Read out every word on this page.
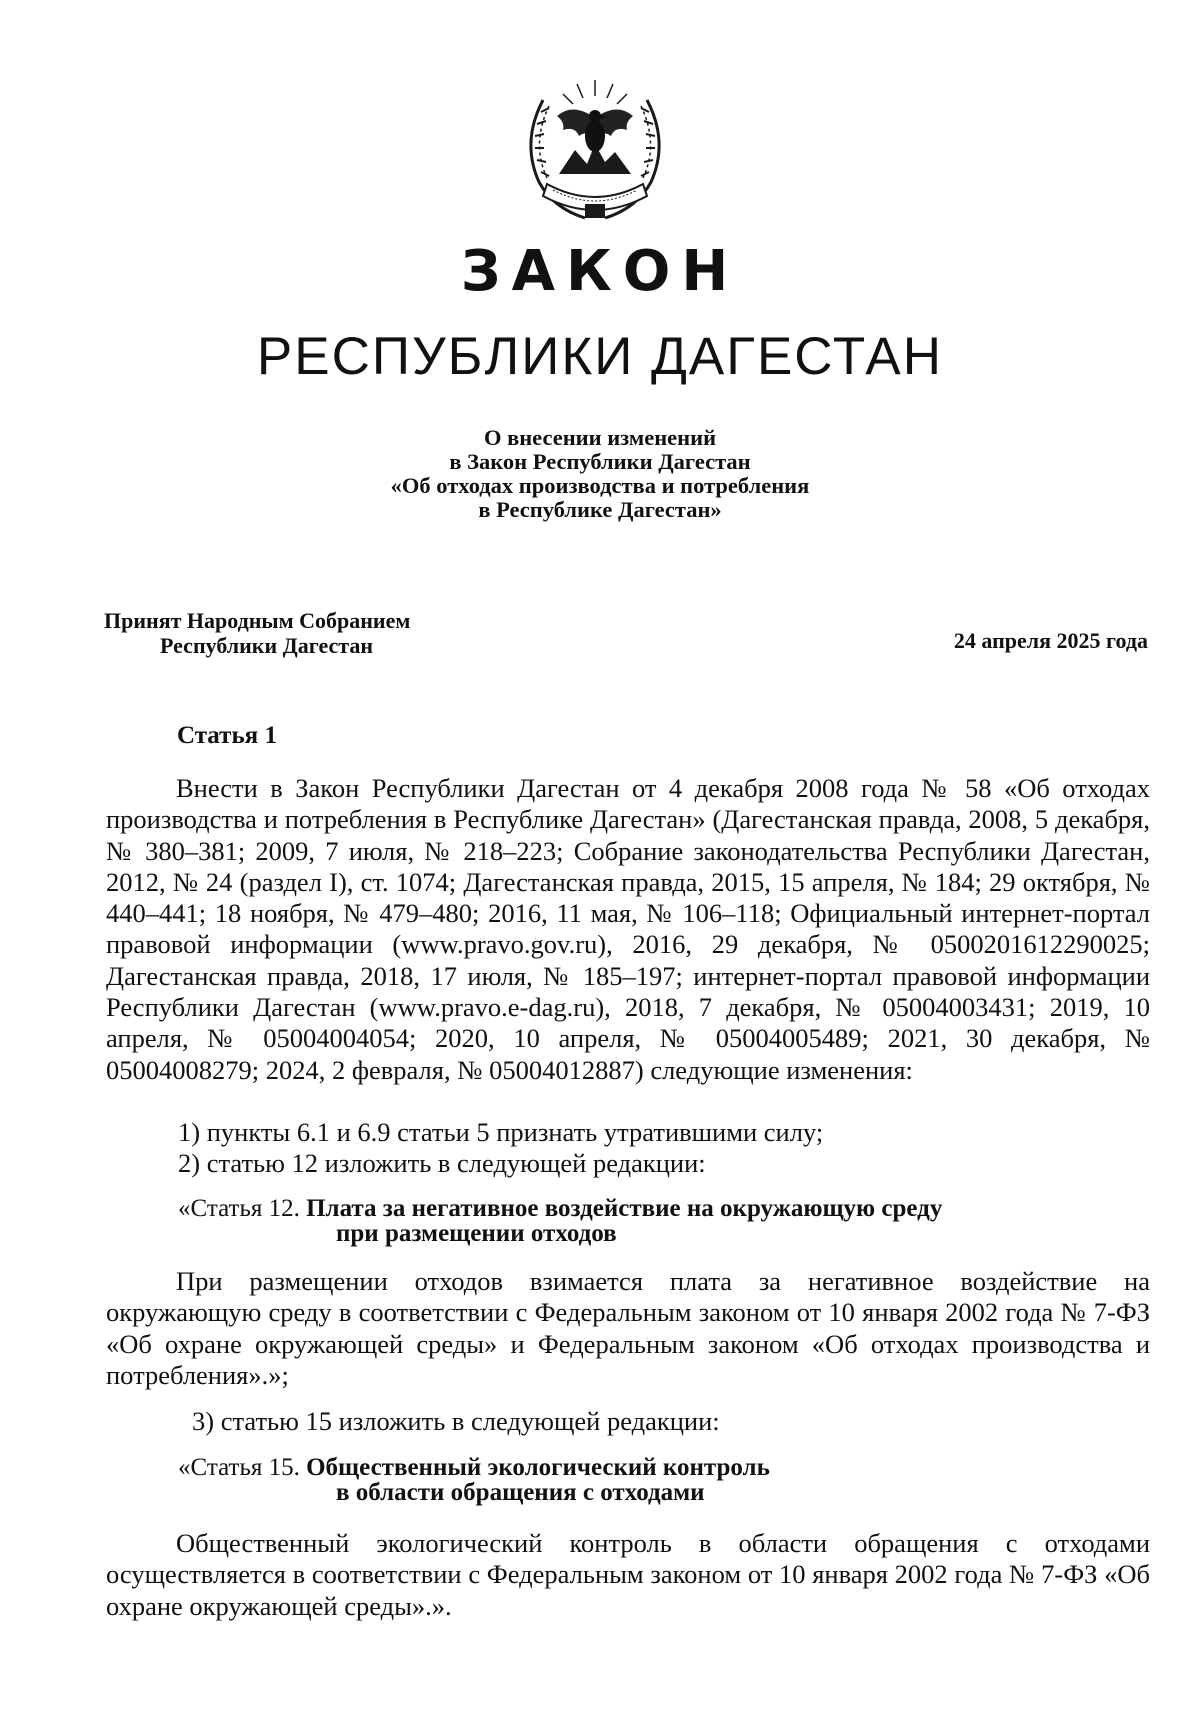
ЗАКОН
РЕСПУБЛИКИ ДАГЕСТАН
О внесении изменений
в Закон Республики Дагестан
«Об отходах производства и потребления
в Республике Дагестан»
Принят Народным Собранием
Республики Дагестан	24 апреля 2025 года
Статья 1

Внести в Закон Республики Дагестан от 4 декабря 2008 года № 58 «Об отходах производства и потребления в Республике Дагестан» (Дагестанская правда, 2008, 5 декабря, № 380–381; 2009, 7 июля, № 218–223; Собрание законодательства Республики Дагестан, 2012, № 24 (раздел I), ст. 1074; Дагестанская правда, 2015, 15 апреля, № 184; 29 октября, № 440–441; 18 ноября, № 479–480; 2016, 11 мая, № 106–118; Официальный интернет-портал правовой информации (www.pravo.gov.ru), 2016, 29 декабря, № 0500201612290025; Дагестанская правда, 2018, 17 июля, № 185–197; интернет-портал правовой информации Республики Дагестан (www.pravo.e-dag.ru), 2018, 7 декабря, № 05004003431; 2019, 10 апреля, № 05004004054; 2020, 10 апреля, № 05004005489; 2021, 30 декабря, № 05004008279; 2024, 2 февраля, № 05004012887) следующие изменения:

1) пункты 6.1 и 6.9 статьи 5 признать утратившими силу;
2) статью 12 изложить в следующей редакции:
«Статья 12. Плата за негативное воздействие на окружающую среду
при размещении отходов

При размещении отходов взимается плата за негативное воздействие на окружающую среду в соответствии с Федеральным законом от 10 января 2002 года № 7-ФЗ «Об охране окружающей среды» и Федеральным законом «Об отходах производства и потребления».»;

3) статью 15 изложить в следующей редакции:
«Статья 15. Общественный экологический контроль
в области обращения с отходами

Общественный экологический контроль в области обращения с отходами осуществляется в соответствии с Федеральным законом от 10 января 2002 года № 7-ФЗ «Об охране окружающей среды».».
